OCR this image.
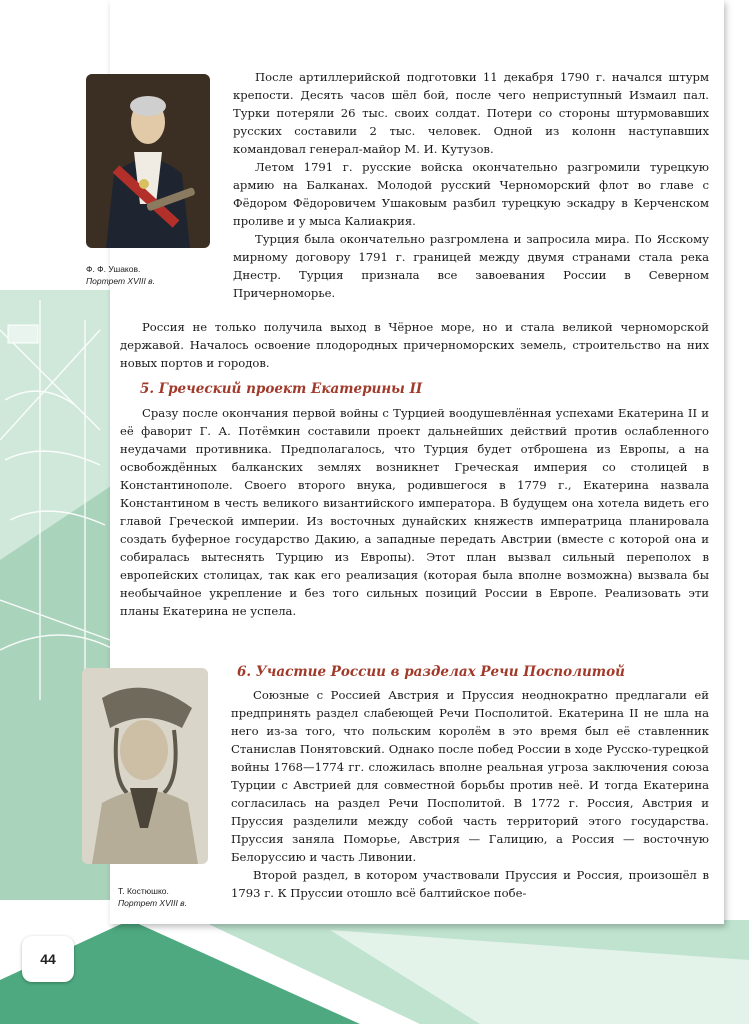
Ф. Ф. Ушаков.
Портрет XVIII в.
Т. Костюшко.
Портрет XVIII в.

После артиллерийской подготовки 11 декабря 1790 г. начался штурм крепости. Десять часов шёл бой, после чего неприступный Измаил пал. Турки потеряли 26 тыс. своих солдат. Потери со стороны штурмовавших русских составили 2 тыс. человек. Одной из колонн наступавших командовал генерал-майор М. И. Кутузов.

Летом 1791 г. русские войска окончательно разгромили турецкую армию на Балканах. Молодой русский Черноморский флот во главе с Фёдором Фёдоровичем Ушаковым разбил турецкую эскадру в Керченском проливе и у мыса Калиакрия.

Турция была окончательно разгромлена и запросила мира. По Ясскому мирному договору 1791 г. границей между двумя странами стала река Днестр. Турция признала все завоевания России в Северном Причерноморье.

Россия не только получила выход в Чёрное море, но и стала великой черноморской державой. Началось освоение плодородных причерноморских земель, строительство на них новых портов и городов.

5. Греческий проект Екатерины II

Сразу после окончания первой войны с Турцией воодушевлённая успехами Екатерина II и её фаворит Г. А. Потёмкин составили проект дальнейших действий против ослабленного неудачами противника. Предполагалось, что Турция будет отброшена из Европы, а на освобождённых балканских землях возникнет Греческая империя со столицей в Константинополе. Своего второго внука, родившегося в 1779 г., Екатерина назвала Константином в честь великого византийского императора. В будущем она хотела видеть его главой Греческой империи. Из восточных дунайских княжеств императрица планировала создать буферное государство Дакию, а западные передать Австрии (вместе с которой она и собиралась вытеснять Турцию из Европы). Этот план вызвал сильный переполох в европейских столицах, так как его реализация (которая была вполне возможна) вызвала бы необычайное укрепление и без того сильных позиций России в Европе. Реализовать эти планы Екатерина не успела.

6. Участие России в разделах Речи Посполитой

Союзные с Россией Австрия и Пруссия неоднократно предлагали ей предпринять раздел слабеющей Речи Посполитой. Екатерина II не шла на него из-за того, что польским королём в это время был её ставленник Станислав Понятовский. Однако после побед России в ходе Русско-турецкой войны 1768—1774 гг. сложилась вполне реальная угроза заключения союза Турции с Австрией для совместной борьбы против неё. И тогда Екатерина согласилась на раздел Речи Посполитой. В 1772 г. Россия, Австрия и Пруссия разделили между собой часть территорий этого государства. Пруссия заняла Поморье, Австрия — Галицию, а Россия — восточную Белоруссию и часть Ливонии.

Второй раздел, в котором участвовали Пруссия и Россия, произошёл в 1793 г. К Пруссии отошло всё балтийское побе-

44
